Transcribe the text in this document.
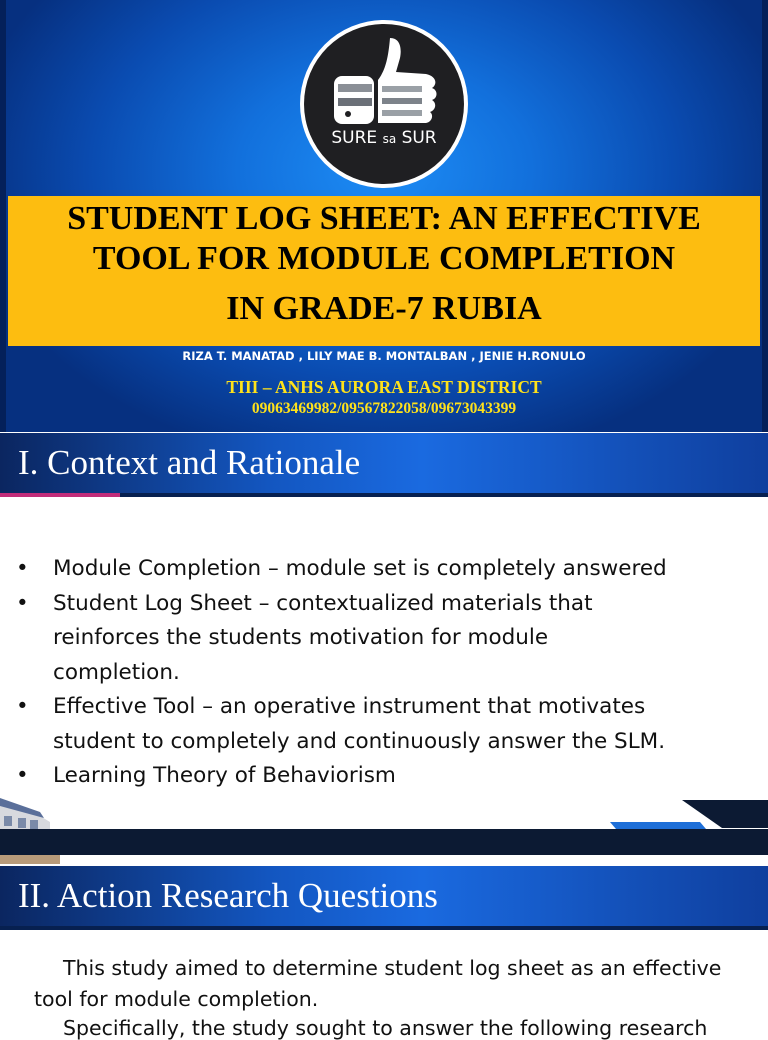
SURE sa SUR
STUDENT LOG SHEET: AN EFFECTIVE
TOOL FOR MODULE COMPLETION
IN GRADE-7 RUBIA
RIZA T. MANATAD , LILY MAE B. MONTALBAN , JENIE H.RONULO
TIII – ANHS AURORA EAST DISTRICT
09063469982/09567822058/09673043399
I. Context and Rationale
• Module Completion – module set is completely answered
• Student Log Sheet – contextualized materials that
reinforces the students motivation for module
completion.
• Effective Tool – an operative instrument that motivates
student to completely and continuously answer the SLM.
• Learning Theory of Behaviorism
II. Action Research Questions
This study aimed to determine student log sheet as an effective
tool for module completion.
Specifically, the study sought to answer the following research
